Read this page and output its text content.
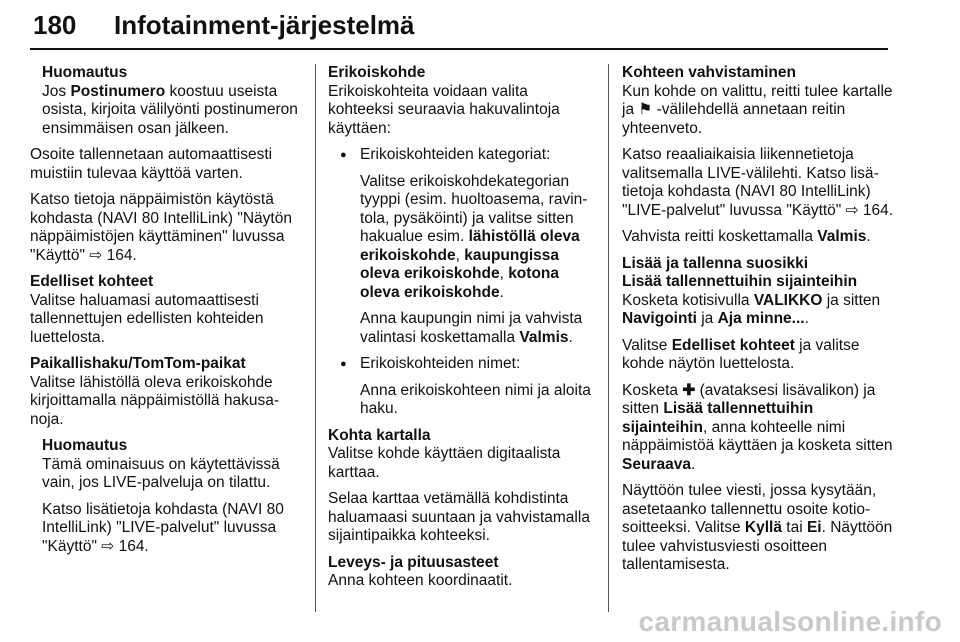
180 Infotainment-järjestelmä

Huomautus

Jos Postinumero koostuu useista osista, kirjoita välilyönti postinumeron ensimmäisen osan jälkeen.

Osoite tallennetaan automaattisesti muistiin tulevaa käyttöä varten.

Katso tietoja näppäimistön käytöstä kohdasta (NAVI 80 IntelliLink) "Näytön näppäimistöjen käyttäminen" luvussa "Käyttö" ⇨ 164.

Edelliset kohteet

Valitse haluamasi automaattisesti tallennettujen edellisten kohteiden luettelosta.

Paikallishaku/TomTom-paikat

Valitse lähistöllä oleva erikoiskohde kirjoittamalla näppäimistöllä hakusanoja.

Huomautus

Tämä ominaisuus on käytettävissä vain, jos LIVE-palveluja on tilattu.

Katso lisätietoja kohdasta (NAVI 80 IntelliLink) "LIVE-palvelut" luvussa "Käyttö" ⇨ 164.

Erikoiskohde

Erikoiskohteita voidaan valita kohteeksi seuraavia hakuvalintoja käyttäen:

● Erikoiskohteiden kategoriat:

Valitse erikoiskohdekategorian tyyppi (esim. huoltoasema, ravintola, pysäköinti) ja valitse sitten hakualue esim. lähistöllä oleva erikoiskohde, kaupungissa oleva erikoiskohde, kotona oleva erikoiskohde.

Anna kaupungin nimi ja vahvista valintasi koskettamalla Valmis.

● Erikoiskohteiden nimet:

Anna erikoiskohteen nimi ja aloita haku.

Kohta kartalla

Valitse kohde käyttäen digitaalista karttaa.

Selaa karttaa vetämällä kohdistinta haluamaasi suuntaan ja vahvistamalla sijaintipaikka kohteeksi.

Leveys- ja pituusasteet

Anna kohteen koordinaatit.

Kohteen vahvistaminen

Kun kohde on valittu, reitti tulee kartalle ja ⚑ -välilehdellä annetaan reitin yhteenveto.

Katso reaaliaikaisia liikennetietoja valitsemalla LIVE-välilehti. Katso lisätietoja kohdasta (NAVI 80 IntelliLink) "LIVE-palvelut" luvussa "Käyttö" ⇨ 164.

Vahvista reitti koskettamalla Valmis.

Lisää ja tallenna suosikki

Lisää tallennettuihin sijainteihin

Kosketa kotisivulla VALIKKO ja sitten Navigointi ja Aja minne....

Valitse Edelliset kohteet ja valitse kohde näytön luettelosta.

Kosketa ✚ (avataksesi lisävalikon) ja sitten Lisää tallennettuihin sijainteihin, anna kohteelle nimi näppäimistöä käyttäen ja kosketa sitten Seuraava.

Näyttöön tulee viesti, jossa kysytään, asetetaanko tallennettu osoite kotiosoitteeksi. Valitse Kyllä tai Ei. Näyttöön tulee vahvistusviesti osoitteen tallentamisesta.

carmanualsonline.info
